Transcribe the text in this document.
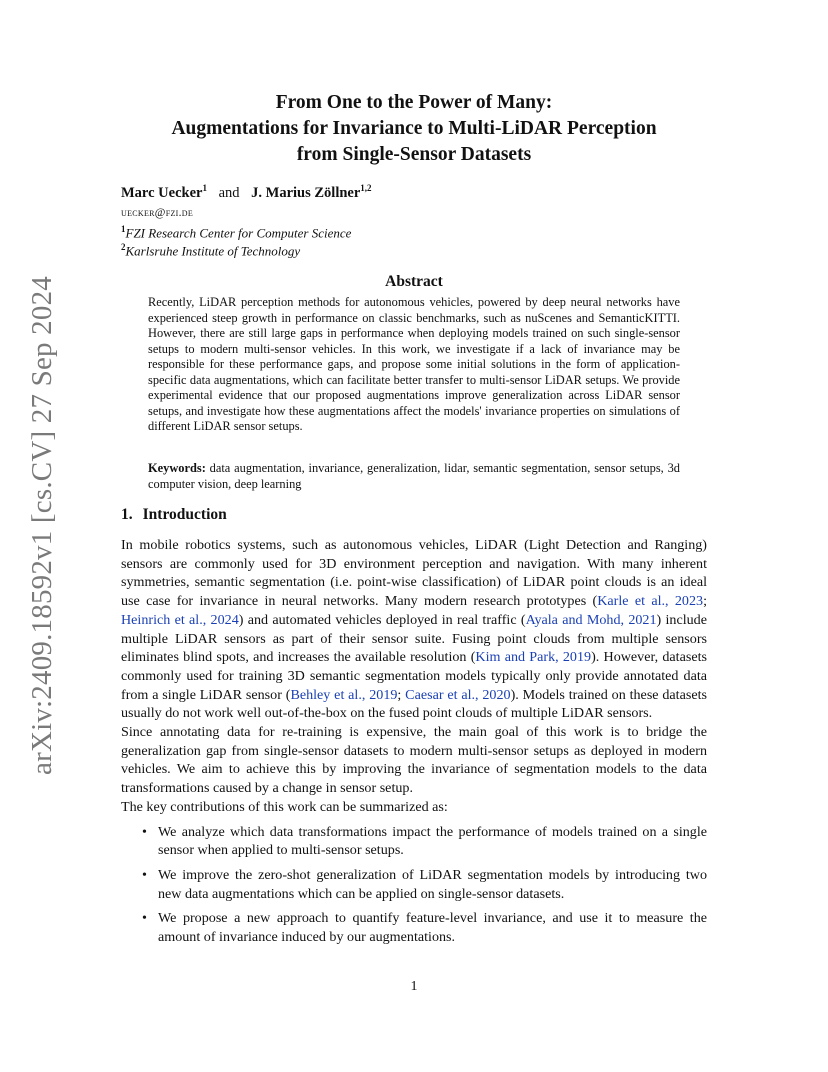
arXiv:2409.18592v1 [cs.CV] 27 Sep 2024
From One to the Power of Many:
Augmentations for Invariance to Multi-LiDAR Perception
from Single-Sensor Datasets
Marc Uecker$^1$ and J. Marius Zöllner$^{1,2}$
uecker@fzi.de
$^1$FZI Research Center for Computer Science
$^2$Karlsruhe Institute of Technology
Abstract

Recently, LiDAR perception methods for autonomous vehicles, powered by deep neural networks have experienced steep growth in performance on classic benchmarks, such as nuScenes and SemanticKITTI. However, there are still large gaps in performance when deploying models trained on such single-sensor setups to modern multi-sensor vehicles. In this work, we investigate if a lack of invariance may be responsible for these performance gaps, and propose some initial solutions in the form of application-specific data augmentations, which can facilitate better transfer to multi-sensor LiDAR setups. We provide experimental evidence that our proposed augmentations improve generalization across LiDAR sensor setups, and investigate how these augmentations affect the models' invariance properties on simulations of different LiDAR sensor setups.

Keywords: data augmentation, invariance, generalization, lidar, semantic segmentation, sensor setups, 3d computer vision, deep learning

1. Introduction

In mobile robotics systems, such as autonomous vehicles, LiDAR (Light Detection and Ranging) sensors are commonly used for 3D environment perception and navigation. With many inherent symmetries, semantic segmentation (i.e. point-wise classification) of LiDAR point clouds is an ideal use case for invariance in neural networks. Many modern research prototypes (Karle et al., 2023; Heinrich et al., 2024) and automated vehicles deployed in real traffic (Ayala and Mohd, 2021) include multiple LiDAR sensors as part of their sensor suite. Fusing point clouds from multiple sensors eliminates blind spots, and increases the available resolution (Kim and Park, 2019). However, datasets commonly used for training 3D semantic segmentation models typically only provide annotated data from a single LiDAR sensor (Behley et al., 2019; Caesar et al., 2020). Models trained on these datasets usually do not work well out-of-the-box on the fused point clouds of multiple LiDAR sensors.

Since annotating data for re-training is expensive, the main goal of this work is to bridge the generalization gap from single-sensor datasets to modern multi-sensor setups as deployed in modern vehicles. We aim to achieve this by improving the invariance of segmentation models to the data transformations caused by a change in sensor setup.

The key contributions of this work can be summarized as:

• We analyze which data transformations impact the performance of models trained on a single sensor when applied to multi-sensor setups.
• We improve the zero-shot generalization of LiDAR segmentation models by introducing two new data augmentations which can be applied on single-sensor datasets.
• We propose a new approach to quantify feature-level invariance, and use it to measure the amount of invariance induced by our augmentations.
1
